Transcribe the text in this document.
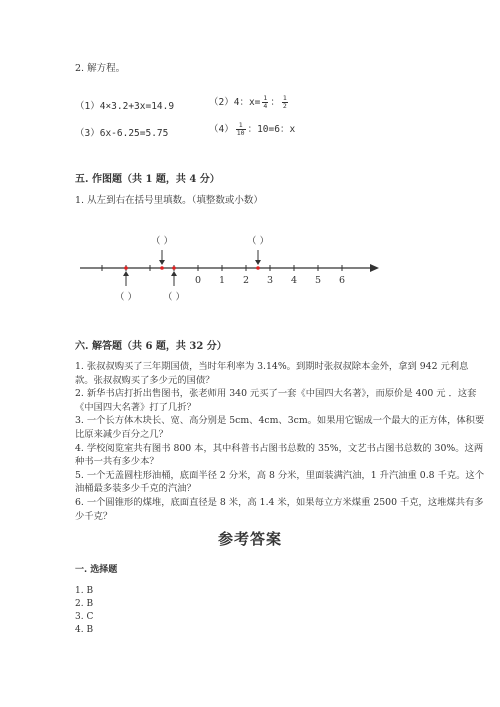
2. 解方程。
（1）4×3.2+3x=14.9	（2）4：$x= \frac{1}{4}$ ： $\frac{1}{2}$
（3）6x-6.25=5.75	$(4) \frac{1}{10}$ ：10=6：x
五. 作图题（共 1 题，共 4 分）
1. 从左到右在括号里填数。（填整数或小数）
0 1 2 3 4 5 6
（ ）	（ ）
（ ）	（ ）
六. 解答题（共 6 题，共 32 分）
1. 张叔叔购买了三年期国债，当时年利率为 3.14%。到期时张叔叔除本金外，拿到 942 元利息款。张叔叔购买了多少元的国债？
2. 新华书店打折出售图书，张老师用 340 元买了一套《中国四大名著》，而原价是 400 元 ．这套《中国四大名著》打了几折？
3. 一个长方体木块长、宽、高分别是 5cm、4cm、3cm。如果用它锯成一个最大的正方体，体积要比原来减少百分之几？
4. 学校阅览室共有图书 800 本，其中科普书占图书总数的 35%，文艺书占图书总数的 30%。这两种书一共有多少本？
5. 一个无盖圆柱形油桶，底面半径 2 分米，高 8 分米，里面装满汽油，1 升汽油重 0.8 千克。这个油桶最多装多少千克的汽油？
6. 一个圆锥形的煤堆，底面直径是 8 米，高 1.4 米，如果每立方米煤重 2500 千克，这堆煤共有多少千克？
参考答案
一. 选择题
1. B
2. B
3. C
4. B
